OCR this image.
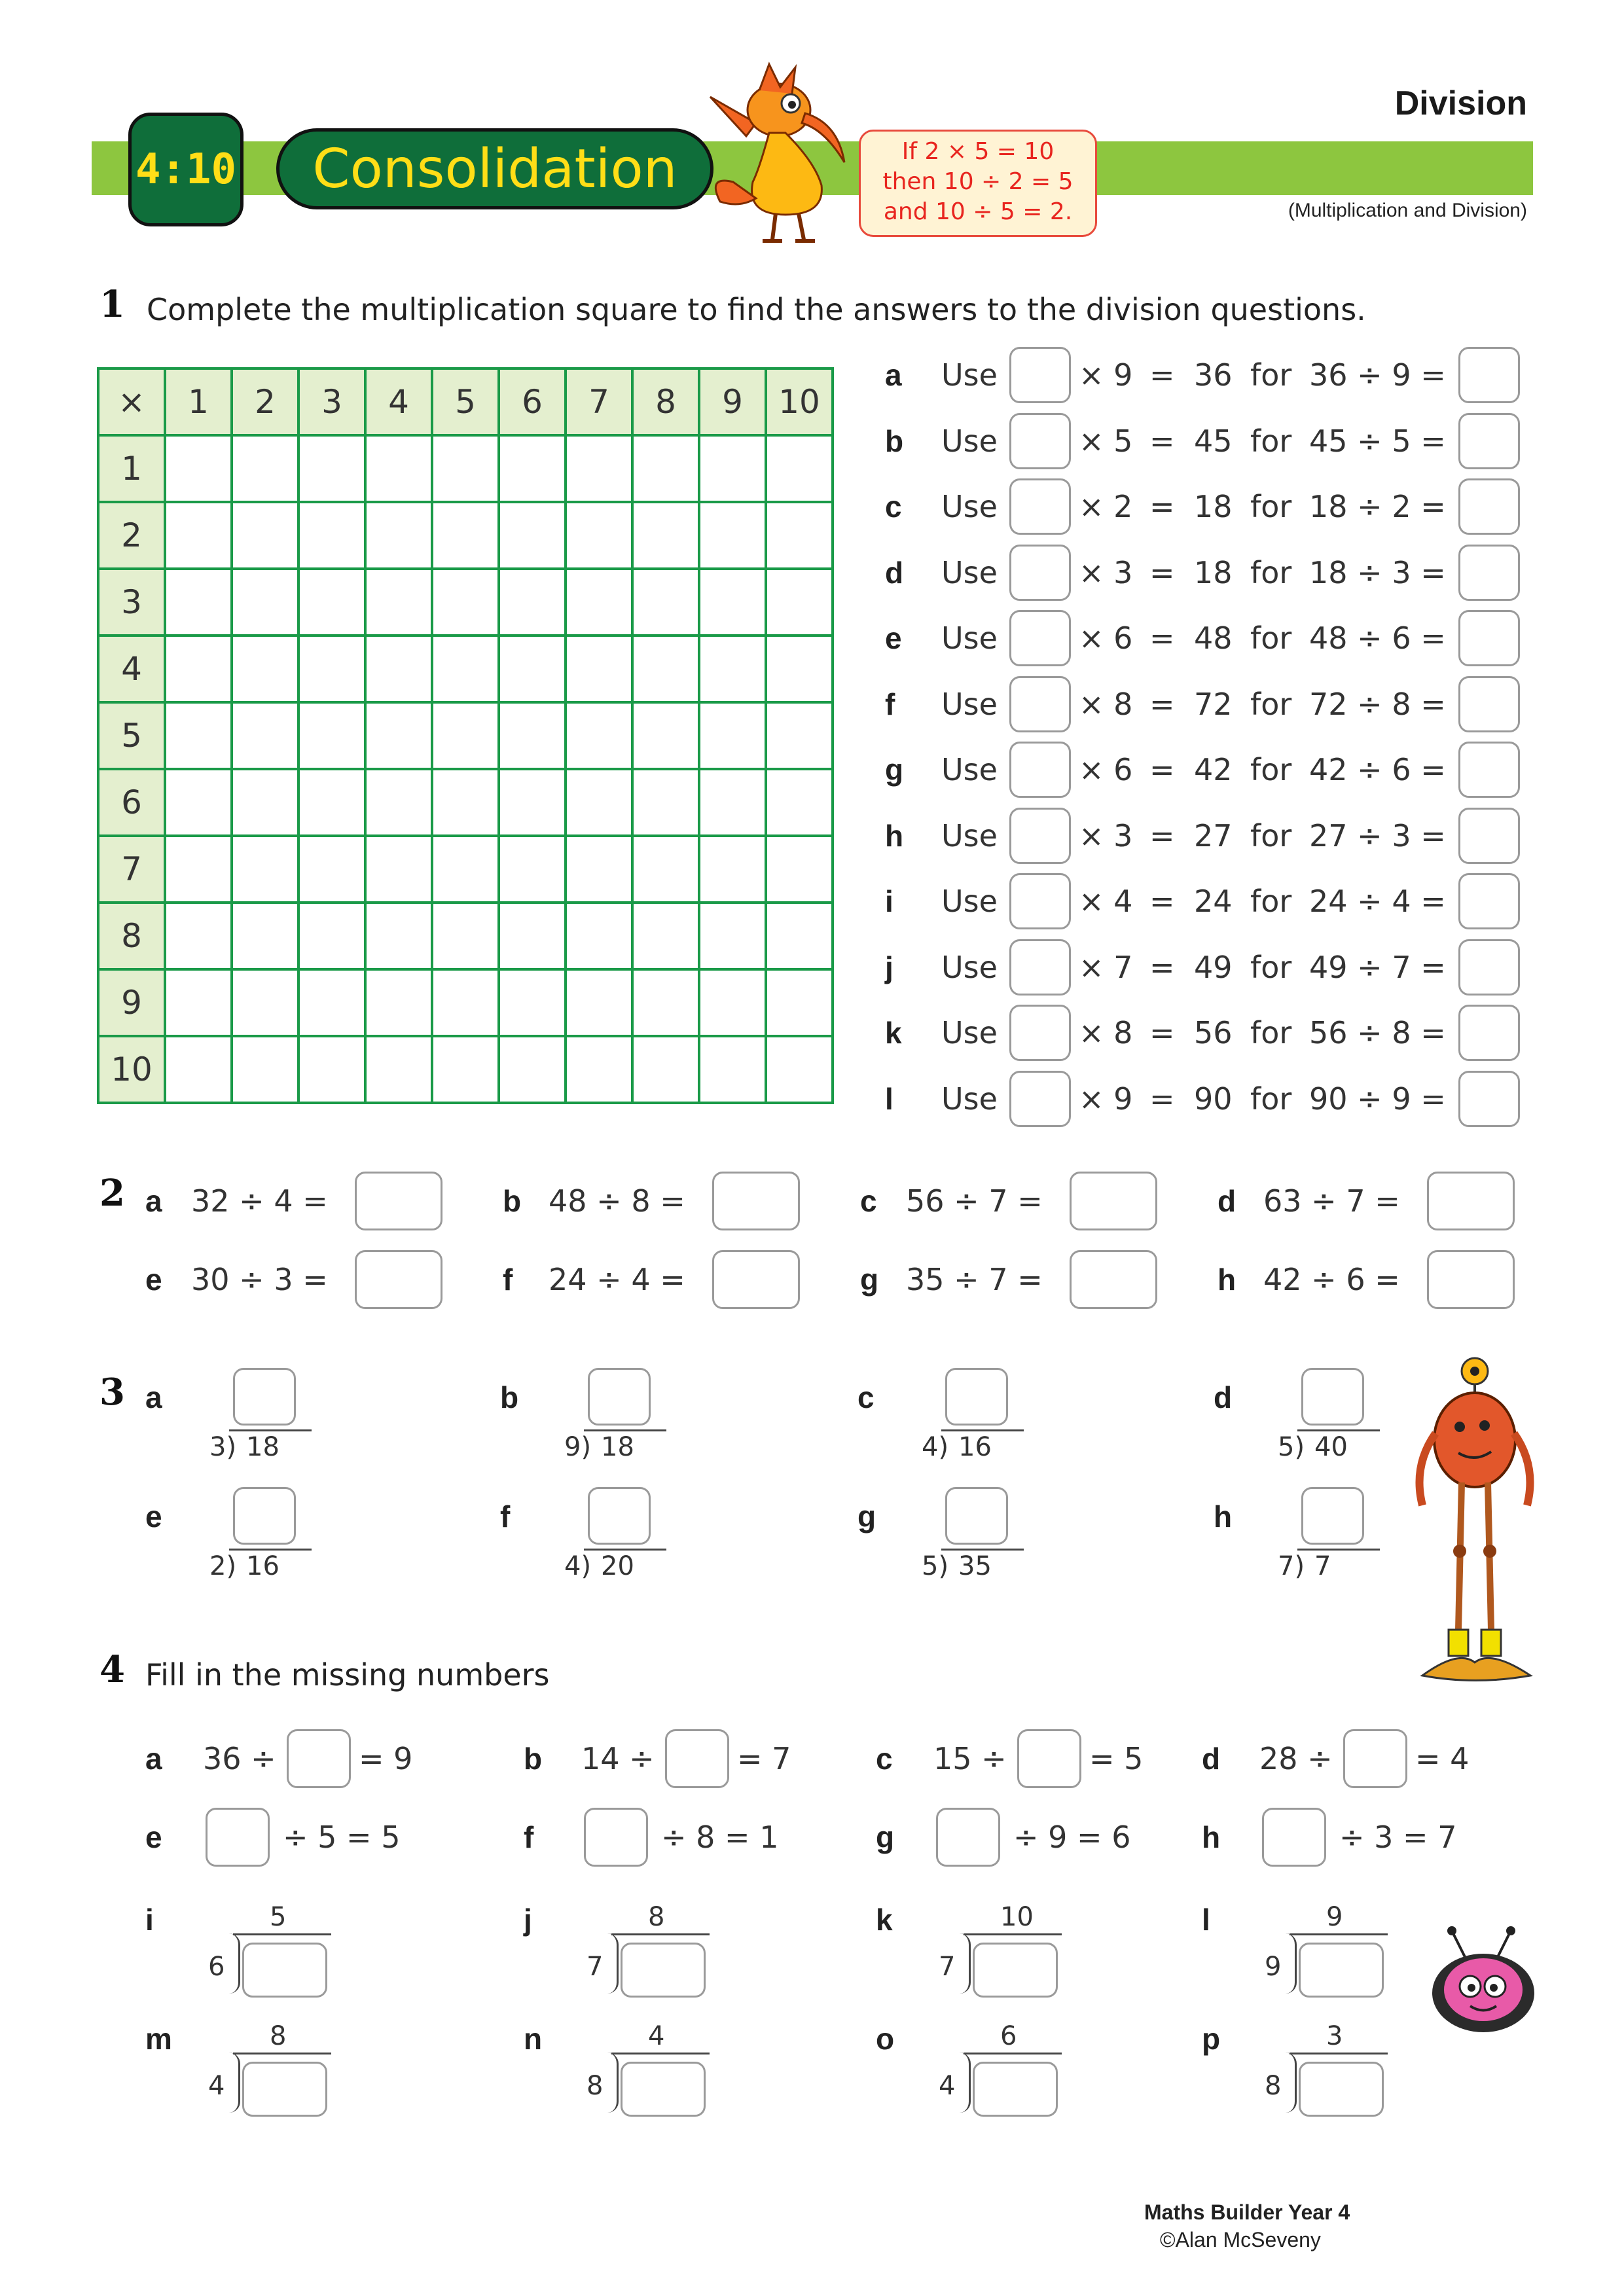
Division
(Multiplication and Division)
4:10	Consolidation	If 2 × 5 = 10
then 10 ÷ 2 = 5
and 10 ÷ 5 = 2.
1 Complete the multiplication square to find the answers to the division questions.
×	1	2	3	4	5	6	7	8	9	10
1										
2										
3										
4										
5										
6										
7										
8										
9										
10										
a Use	× 9 = 36 for 36 ÷ 9 =
b Use	× 5 = 45 for 45 ÷ 5 =
c Use	× 2 = 18 for 18 ÷ 2 =
d Use	× 3 = 18 for 18 ÷ 3 =
e Use	× 6 = 48 for 48 ÷ 6 =
f Use	× 8 = 72 for 72 ÷ 8 =
g Use	× 6 = 42 for 42 ÷ 6 =
h Use	× 3 = 27 for 27 ÷ 3 =
i Use	× 4 = 24 for 24 ÷ 4 =
j Use	× 7 = 49 for 49 ÷ 7 =
k Use	× 8 = 56 for 56 ÷ 8 =
l Use	× 9 = 90 for 90 ÷ 9 =
2 a 32 ÷ 4 =	b 48 ÷ 8 =	c 56 ÷ 7 =	d 63 ÷ 7 =
e 30 ÷ 3 =	f 24 ÷ 4 =	g 35 ÷ 7 =	h 42 ÷ 6 =
3 a
3) 18
b
9) 18
c
4) 16
d
5) 40
e
2) 16
f
4) 20
g
5) 35
h
7) 7
4 Fill in the missing numbers
a 36 ÷	= 9	b 14 ÷	= 7	c 15 ÷	= 5 d 28 ÷	= 4
e	÷ 5 = 5	f	÷ 8 = 1	g	÷ 9 = 6 h	÷ 3 = 7
i	5
6
j	8
7
k	10
7
l	9
9
m	8
4
n	4
8
o	6
4
p	3
8
Maths Builder Year 4
©Alan McSeveny
